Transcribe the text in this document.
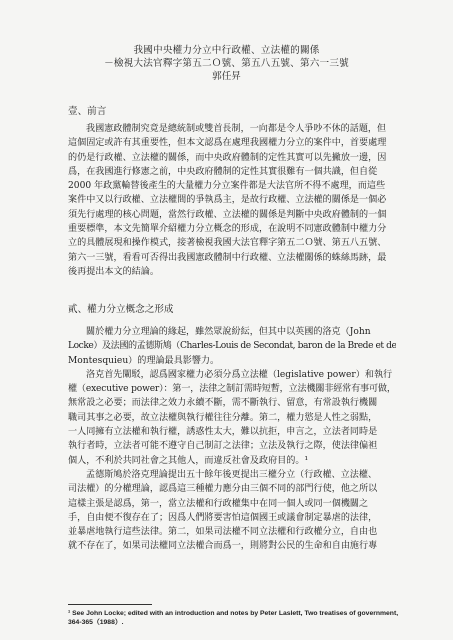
我國中央權力分立中行政權、立法權的關係
－檢視大法官釋字第五二Ｏ號、第五八五號、第六一三號
郭任昇
壹、前言
我國憲政體制究竟是總統制或雙首長制，一向都是令人爭吵不休的話題，但
這個固定或許有其重要性，但本文認爲在處理我國權力分立的案件中，首要處理
的仍是行政權、立法權的關係，而中央政府體制的定性其實可以先撇放一邊，因
爲，在我國進行修憲之前，中央政府體制的定性其實很難有一個共識，但自從
2000 年政黨輪替後產生的大量權力分立案件都是大法官所不得不處理，而這些
案件中又以行政權、立法權間的爭執爲主，是故行政權、立法權的關係是一個必
須先行處理的核心問題，當然行政權、立法權的關係是判斷中央政府體制的一個
重要標準，本文先簡單介紹權力分立概念的形成，在說明不同憲政體制中權力分
立的具體展現和操作模式，接著檢視我國大法官釋字第五二Ｏ號、第五八五號、
第六一三號，看看可否得出我國憲政體制中行政權、立法權關係的蛛絲馬跡，最
後再提出本文的結論。
貳、權力分立概念之形成
關於權力分立理論的緣起，雖然眾說紛紜，但其中以英國的洛克（John
Locke）及法國的孟德斯鳩（Charles-Louis de Secondat, baron de la Brede et de
Montesquieu）的理論最具影響力。
洛克首先闡駁，認爲國家權力必須分爲立法權（legislative power）和執行
權（executive power）：第一，法律之制訂需時短暫，立法機關非經常有事可做，
無常設之必要；而法律之效力永續不斷，需不斷執行、留意，有常設執行機關
職司其事之必要，故立法權與執行權往往分離。第二，權力慾是人性之弱點，
一人同擁有立法權和執行權，誘惑性太大，難以抗拒，申言之，立法者同時是
執行者時，立法者可能不遵守自己制訂之法律；立法及執行之際，使法律偏袒
個人，不利於共同社會之其他人，而違反社會及政府目的。¹
孟德斯鳩於洛克理論提出五十餘年後更提出三權分立（行政權、立法權、
司法權）的分權理論，認爲這三種權力應分由三個不同的部門行使，他之所以
這樣主張是認爲，第一，當立法權和行政權集中在同一個人或同一個機關之
手，自由便不復存在了；因爲人們將要害怕這個國王或議會制定暴虐的法律，
並暴虐地執行這些法律。第二，如果司法權不同立法權和行政權分立，自由也
就不存在了，如果司法權同立法權合而爲一，則將對公民的生命和自由施行專
¹ See John Locke; edited with an introduction and notes by Peter Laslett, Two treatises of government,
364-365（1988）.
